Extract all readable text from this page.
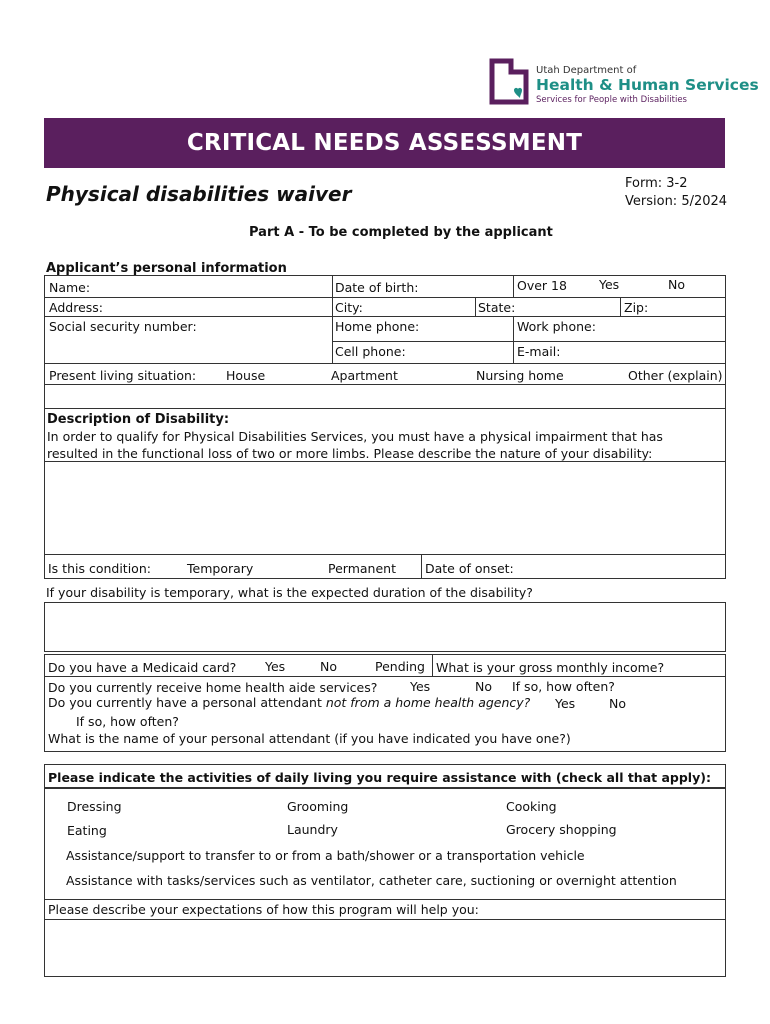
Utah Department of
Health & Human Services
Services for People with Disabilities
CRITICAL NEEDS ASSESSMENT
Physical disabilities waiver	Form: 3-2
Version: 5/2024
Part A - To be completed by the applicant
Applicant’s personal information
Name:	Date of birth:	Over 18	Yes	No
Address:	City:	State:	Zip:
Social security number:	Home phone:	Work phone:
Cell phone:	E-mail:
Present living situation: House	Apartment	Nursing home	Other (explain)
Description of Disability:
In order to qualify for Physical Disabilities Services, you must have a physical impairment that has
resulted in the functional loss of two or more limbs. Please describe the nature of your disability:
Is this condition:	Temporary	Permanent Date of onset:
If your disability is temporary, what is the expected duration of the disability?
Do you have a Medicaid card? Yes	No	Pending What is your gross monthly income?
Do you currently receive home health aide services?	Yes	No If so, how often?
Do you currently have a personal attendant not from a home health agency? Yes	No
If so, how often?
What is the name of your personal attendant (if you have indicated you have one?)
Please indicate the activities of daily living you require assistance with (check all that apply):
Dressing	Grooming	Cooking
Eating	Laundry	Grocery shopping
Assistance/support to transfer to or from a bath/shower or a transportation vehicle
Assistance with tasks/services such as ventilator, catheter care, suctioning or overnight attention
Please describe your expectations of how this program will help you:
